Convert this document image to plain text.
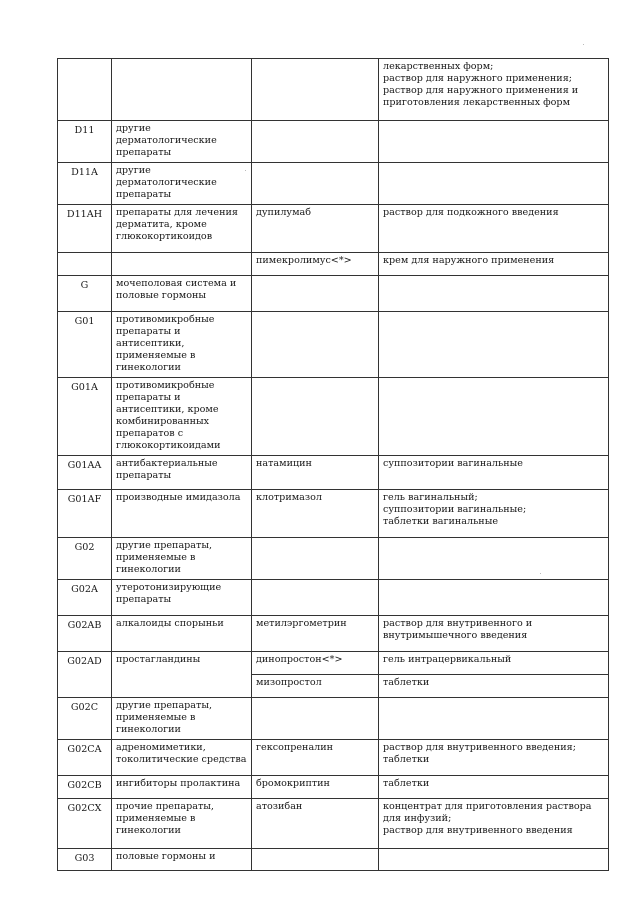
			лекарственных форм;
раствор для наружного применения;
раствор для наружного применения и
приготовления лекарственных форм

D11	другие дерматологические препараты		
D11A	другие дерматологические препараты		
D11AH	препараты для лечения дерматита, кроме глюкокортикоидов	дупилумаб	раствор для подкожного введения

		пимекролимус<*>	крем для наружного применения

G	мочеполовая система и половые гормоны		
G01	противомикробные препараты и антисептики, применяемые в гинекологии		
G01A	противомикробные препараты и антисептики, кроме комбинированных препаратов с глюкокортикоидами		
G01AA	антибактериальные препараты	натамицин	суппозитории вагинальные

G01AF	производные имидазола	клотримазол	гель вагинальный;
суппозитории вагинальные;
таблетки вагинальные

G02	другие препараты, применяемые в гинекологии		
G02A	утеротонизирующие препараты		
G02AB	алкалоиды спорыньи	метилэргометрин	раствор для внутривенного и внутримышечного введения

G02AD	простагландины	динопростон<*>	гель интрацервикальный

		мизопростол	таблетки

G02C	другие препараты, применяемые в гинекологии		
G02CA	адреномиметики, токолитические средства	гексопреналин	раствор для внутривенного введения;
таблетки

G02CB	ингибиторы пролактина	бромокриптин	таблетки

G02CX	прочие препараты, применяемые в гинекологии	атозибан	концентрат для приготовления раствора для инфузий;
раствор для внутривенного введения

G03	половые гормоны и		
